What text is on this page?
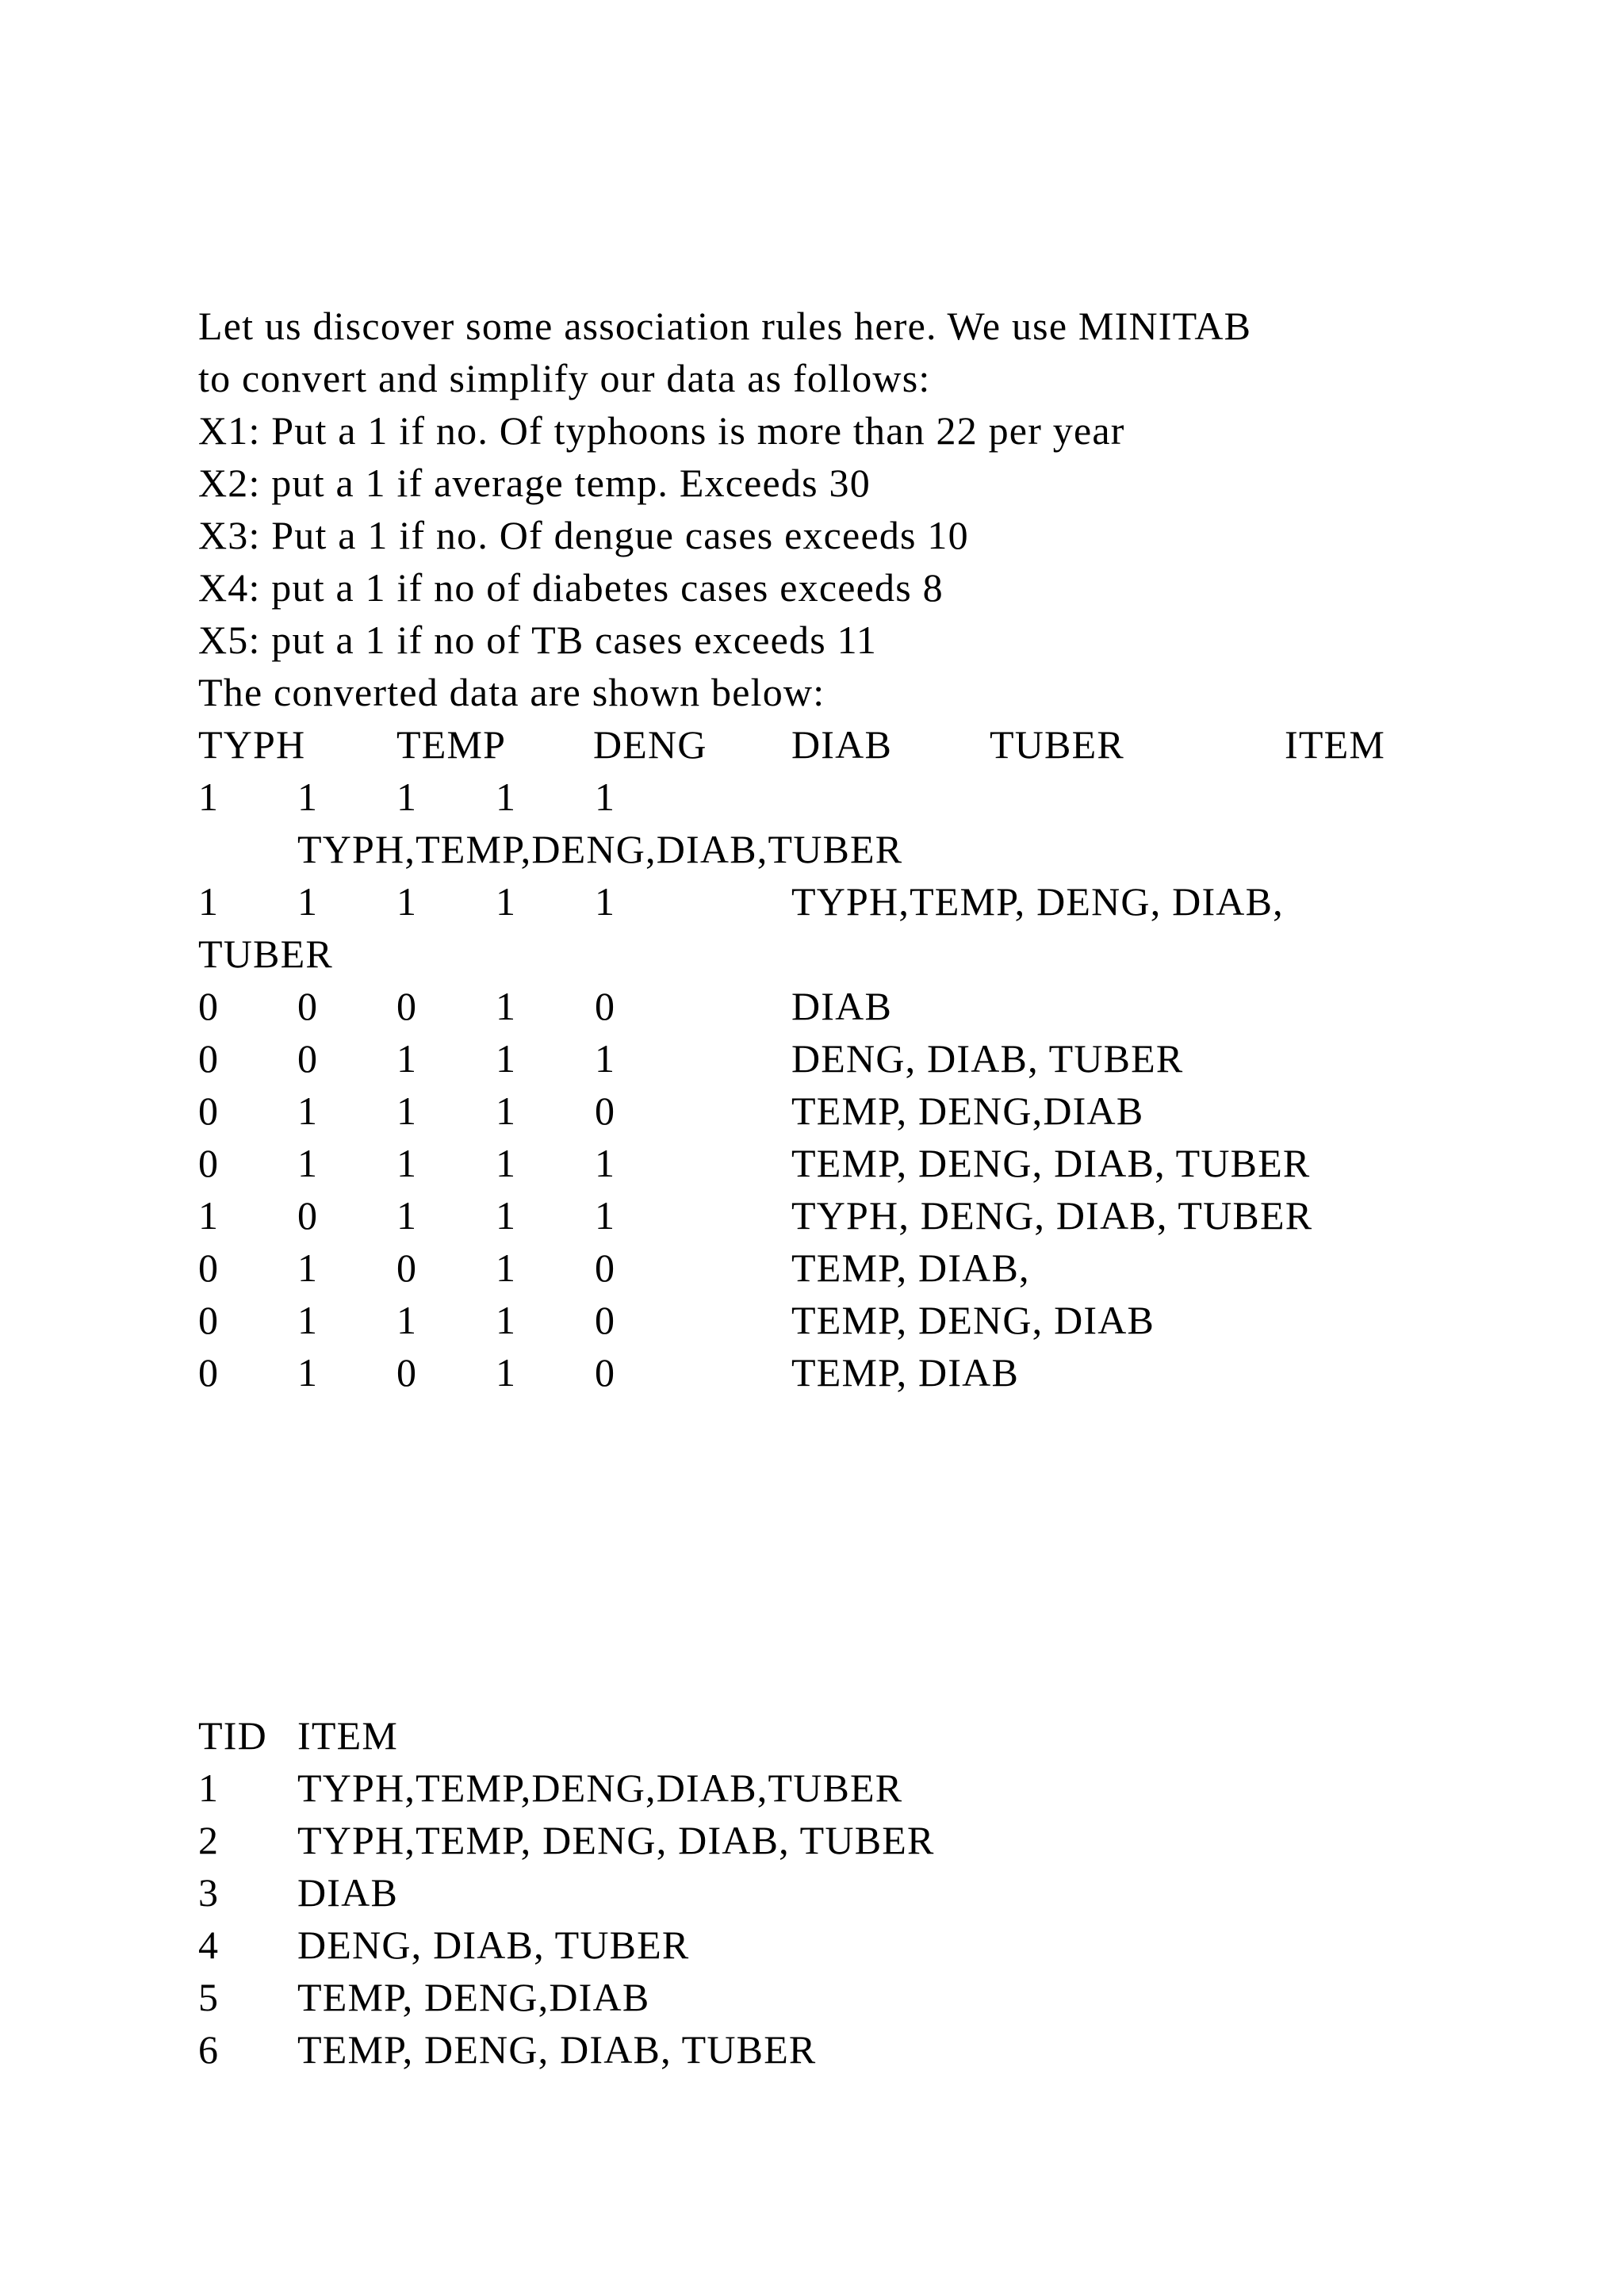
Let us discover some association rules here. We use MINITAB
to convert and simplify our data as follows:
X1: Put a 1 if no. Of typhoons is more than 22 per year
X2: put a 1 if average temp. Exceeds 30
X3: Put a 1 if no. Of dengue cases exceeds 10
X4: put a 1 if no of diabetes cases exceeds 8
X5: put a 1 if no of TB cases exceeds 11
The converted data are shown below:
TYPH TEMP DENG DIAB TUBER	ITEM
1 1 1 1 1
TYPH,TEMP,DENG,DIAB,TUBER
1 1 1 1 1	TYPH,TEMP, DENG, DIAB,
TUBER
0 0 0 1 0	DIAB
0 0 1 1 1	DENG, DIAB, TUBER
0 1 1 1 0	TEMP, DENG,DIAB
0 1 1 1 1	TEMP, DENG, DIAB, TUBER
1 0 1 1 1	TYPH, DENG, DIAB, TUBER
0 1 0 1 0	TEMP, DIAB,
0 1 1 1 0	TEMP, DENG, DIAB
0 1 0 1 0	TEMP, DIAB
TID ITEM
1 TYPH,TEMP,DENG,DIAB,TUBER
2 TYPH,TEMP, DENG, DIAB, TUBER
3 DIAB
4 DENG, DIAB, TUBER
5 TEMP, DENG,DIAB
6 TEMP, DENG, DIAB, TUBER
